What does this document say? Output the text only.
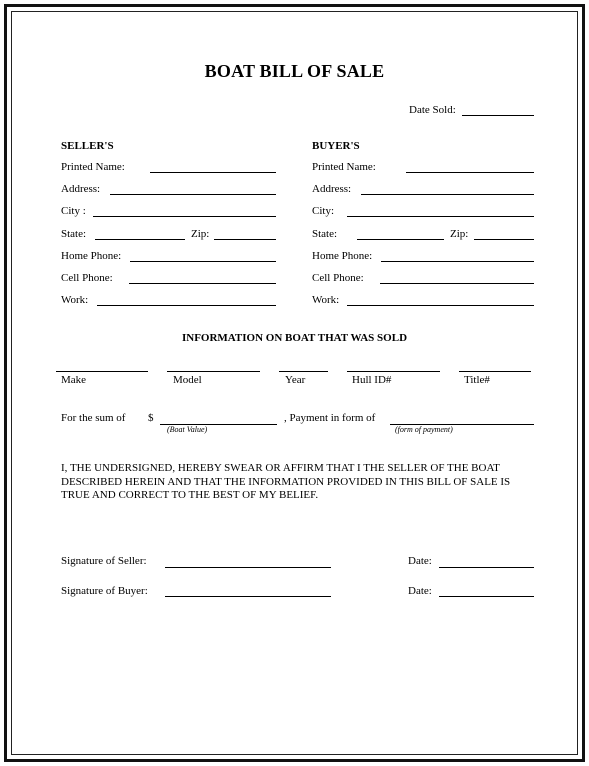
BOAT BILL OF SALE
Date Sold:
SELLER'S
Printed Name:
Address:
City :
State:	Zip:
Home Phone:
Cell Phone:
Work:
BUYER'S
Printed Name:
Address:
City:
State:	Zip:
Home Phone:
Cell Phone:
Work:
INFORMATION ON BOAT THAT WAS SOLD
Make	Model	Year	Hull ID#	Title#
For the sum of $
(Boat Value)
, Payment in form of
(form of payment)
I, THE UNDERSIGNED, HEREBY SWEAR OR AFFIRM THAT I THE SELLER OF THE BOAT DESCRIBED HEREIN AND THAT THE INFORMATION PROVIDED IN THIS BILL OF SALE IS TRUE AND CORRECT TO THE BEST OF MY BELIEF.
Signature of Seller:	Date:
Signature of Buyer:	Date:
